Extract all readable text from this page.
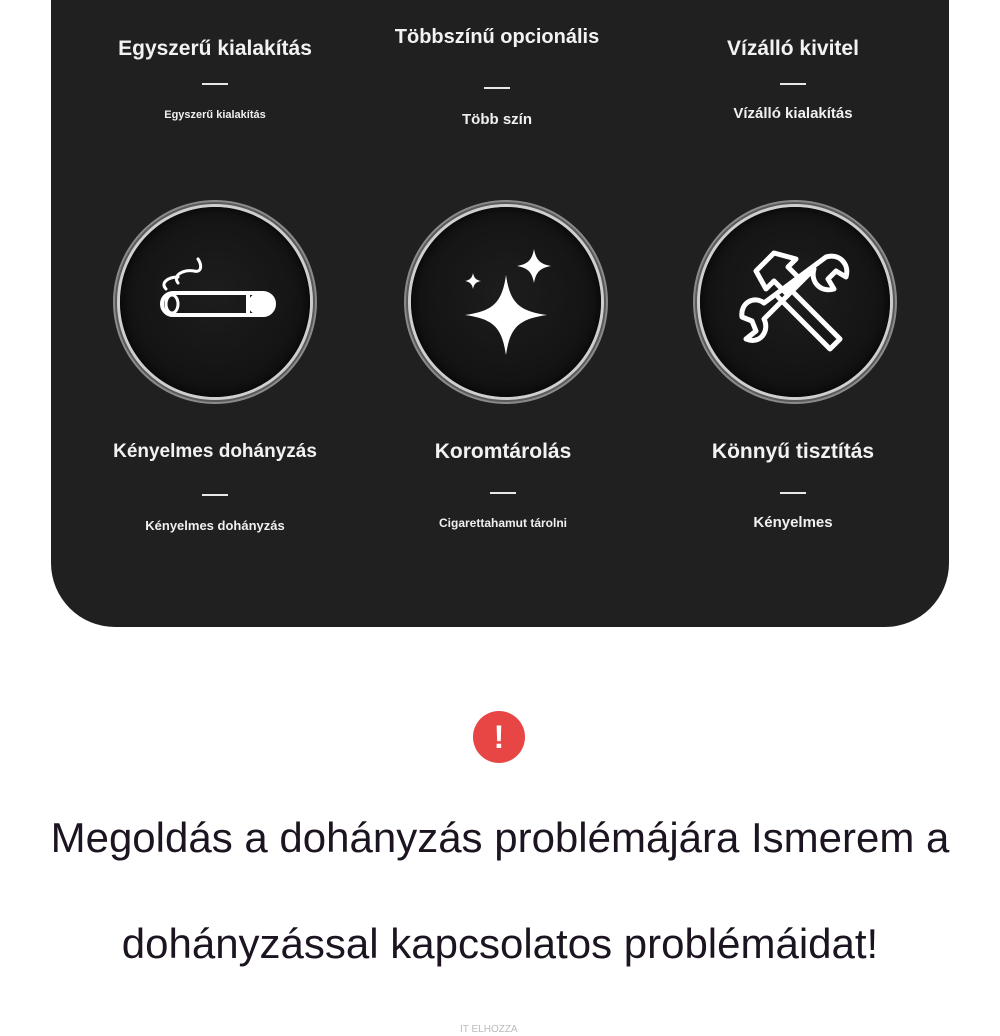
Egyszerű kialakítás
Egyszerű kialakítás
Többszínű opcionális
Több szín
Vízálló kivitel
Vízálló kialakítás
Kényelmes dohányzás
Kényelmes dohányzás
Koromtárolás
Cigarettahamut tárolni
Könnyű tisztítás
Kényelmes
!
Megoldás a dohányzás problémájára Ismerem a
dohányzással kapcsolatos problémáidat!
IT ELHOZZA
